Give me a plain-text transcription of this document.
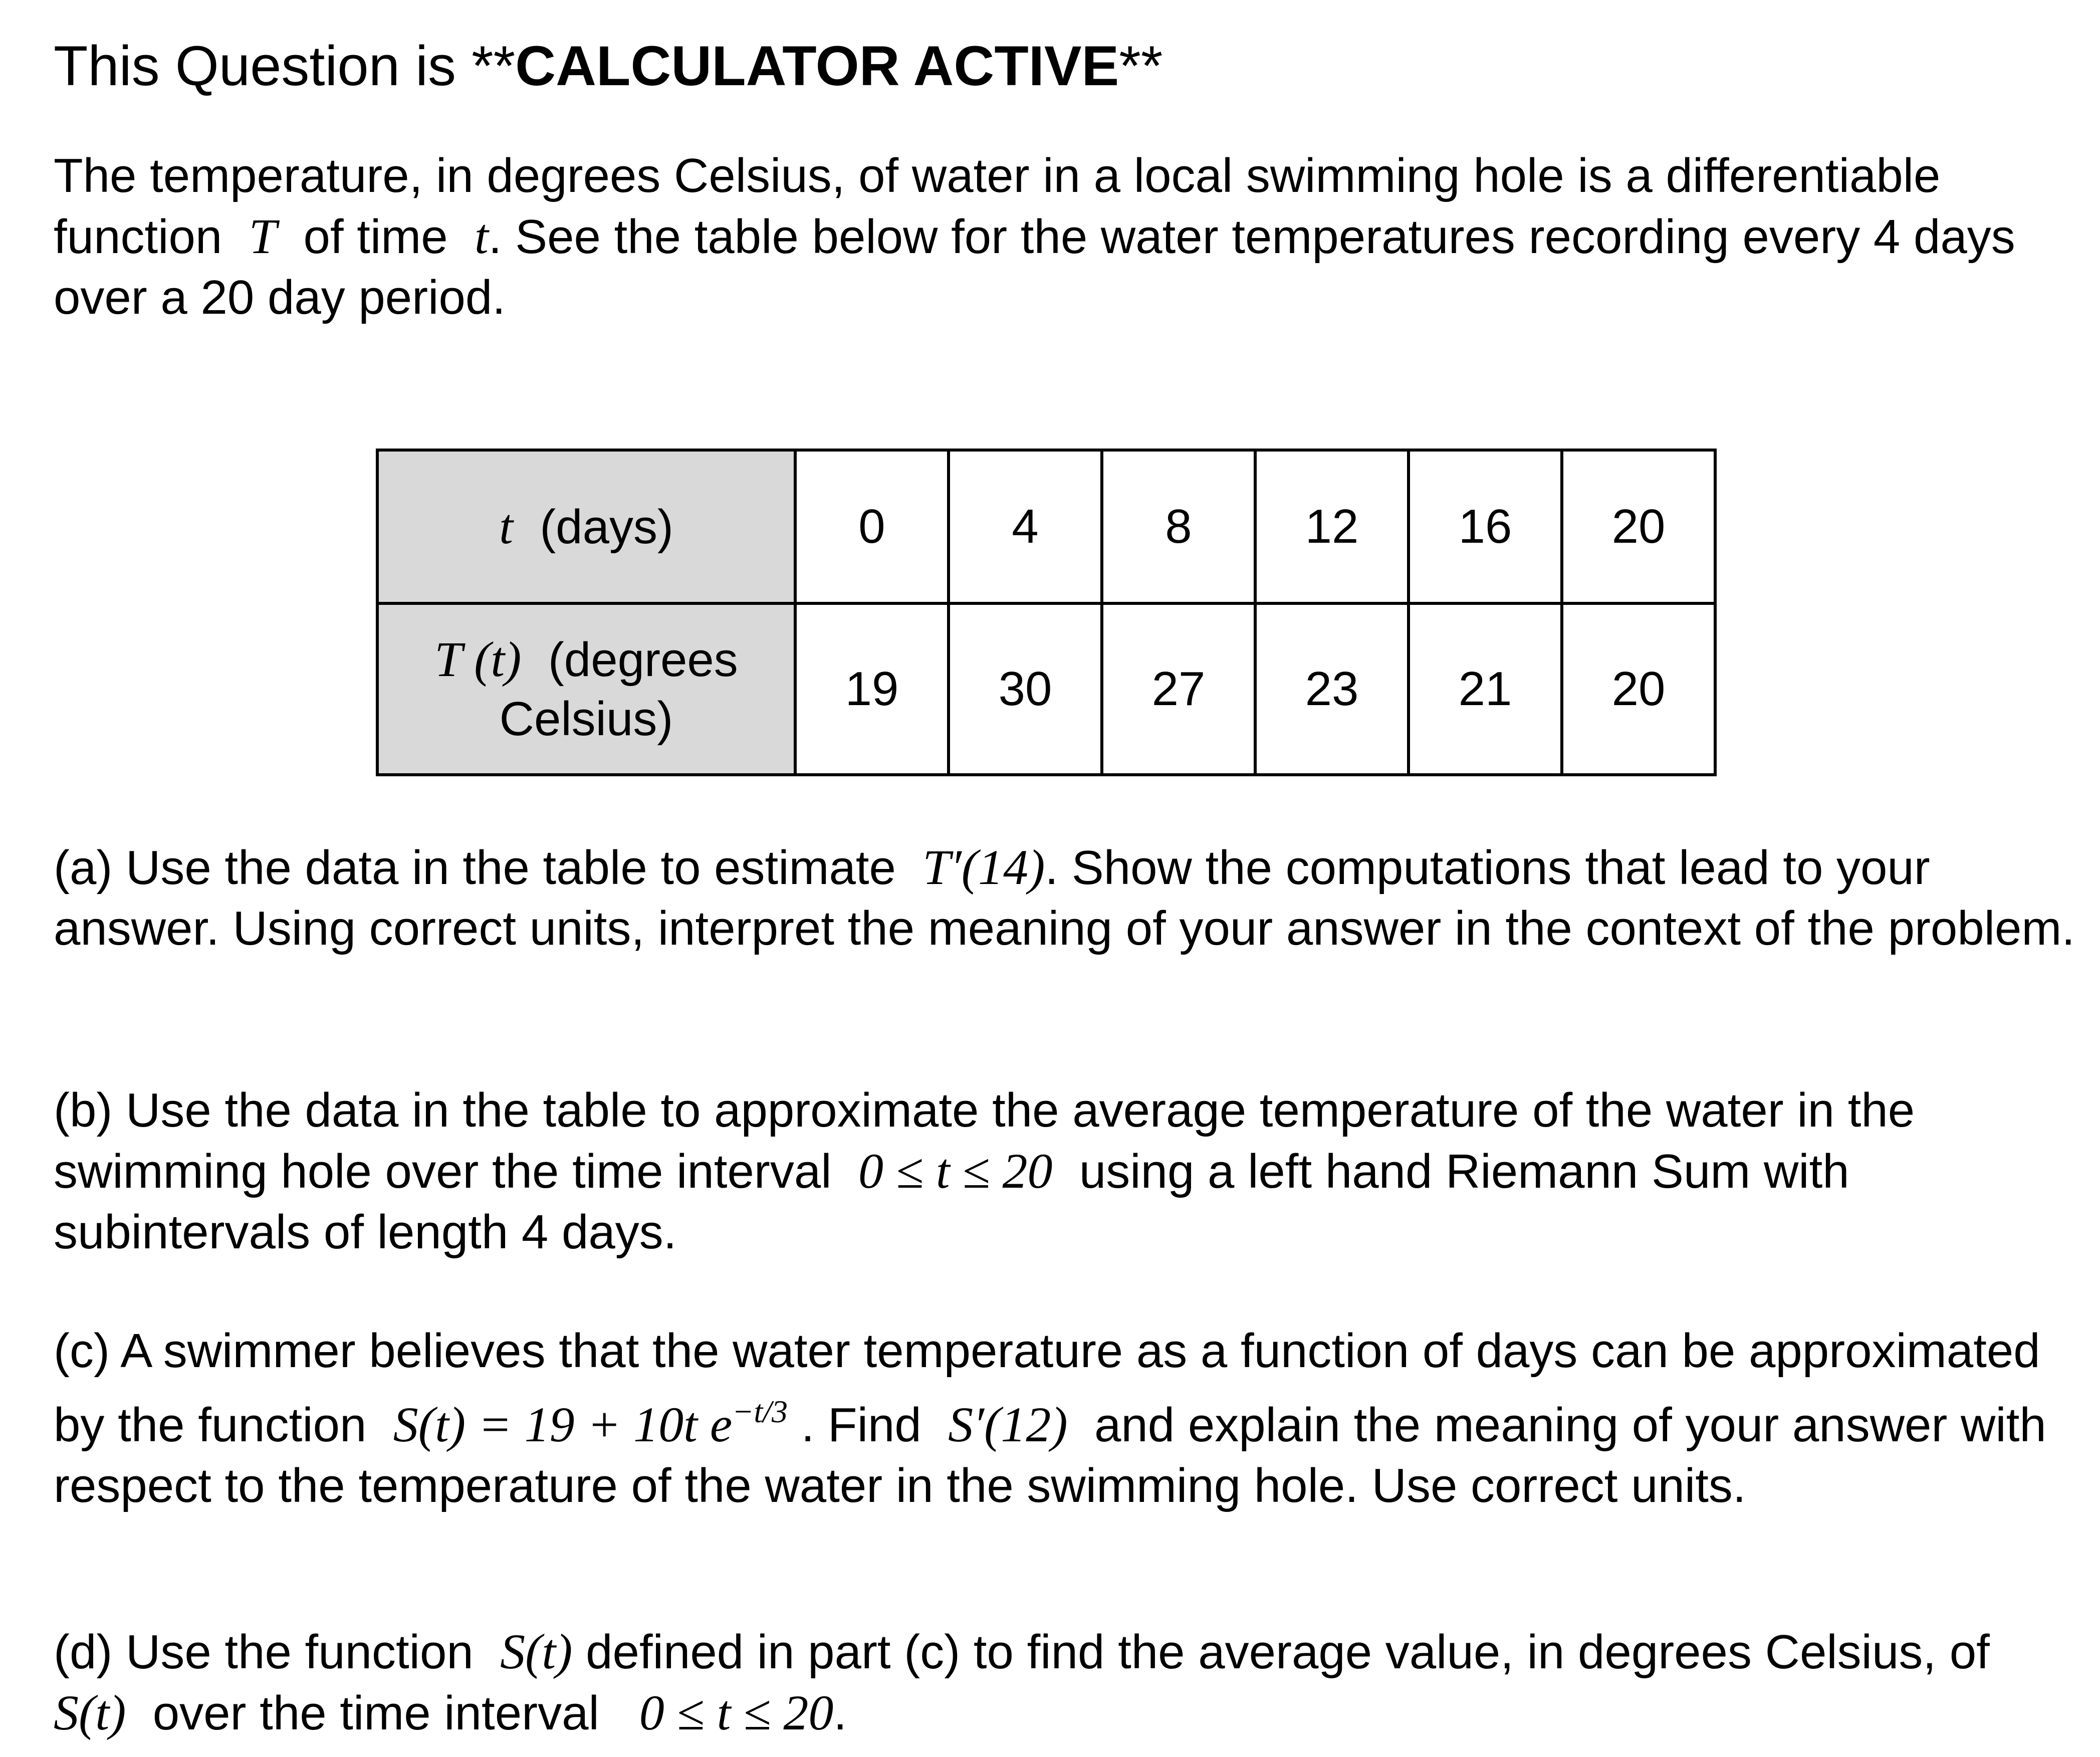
This Question is **CALCULATOR ACTIVE**
The temperature, in degrees Celsius, of water in a local swimming hole is a differentiable function T of time t. See the table below for the water temperatures recording every 4 days over a 20 day period.
t (days)	0	4	8	12	16	20
T (t) (degrees Celsius)	19	30	27	23	21	20
(a) Use the data in the table to estimate T′(14). Show the computations that lead to your answer. Using correct units, interpret the meaning of your answer in the context of the problem.
(b) Use the data in the table to approximate the average temperature of the water in the swimming hole over the time interval 0 ≤ t ≤ 20 using a left hand Riemann Sum with subintervals of length 4 days.
(c) A swimmer believes that the water temperature as a function of days can be approximated by the function S(t) = 19 + 10t $e^{-t/3}$ . Find S′(12) and explain the meaning of your answer with respect to the temperature of the water in the swimming hole. Use correct units.
(d) Use the function S(t) defined in part (c) to find the average value, in degrees Celsius, of  S(t) over the time interval 0 ≤ t ≤ 20.
